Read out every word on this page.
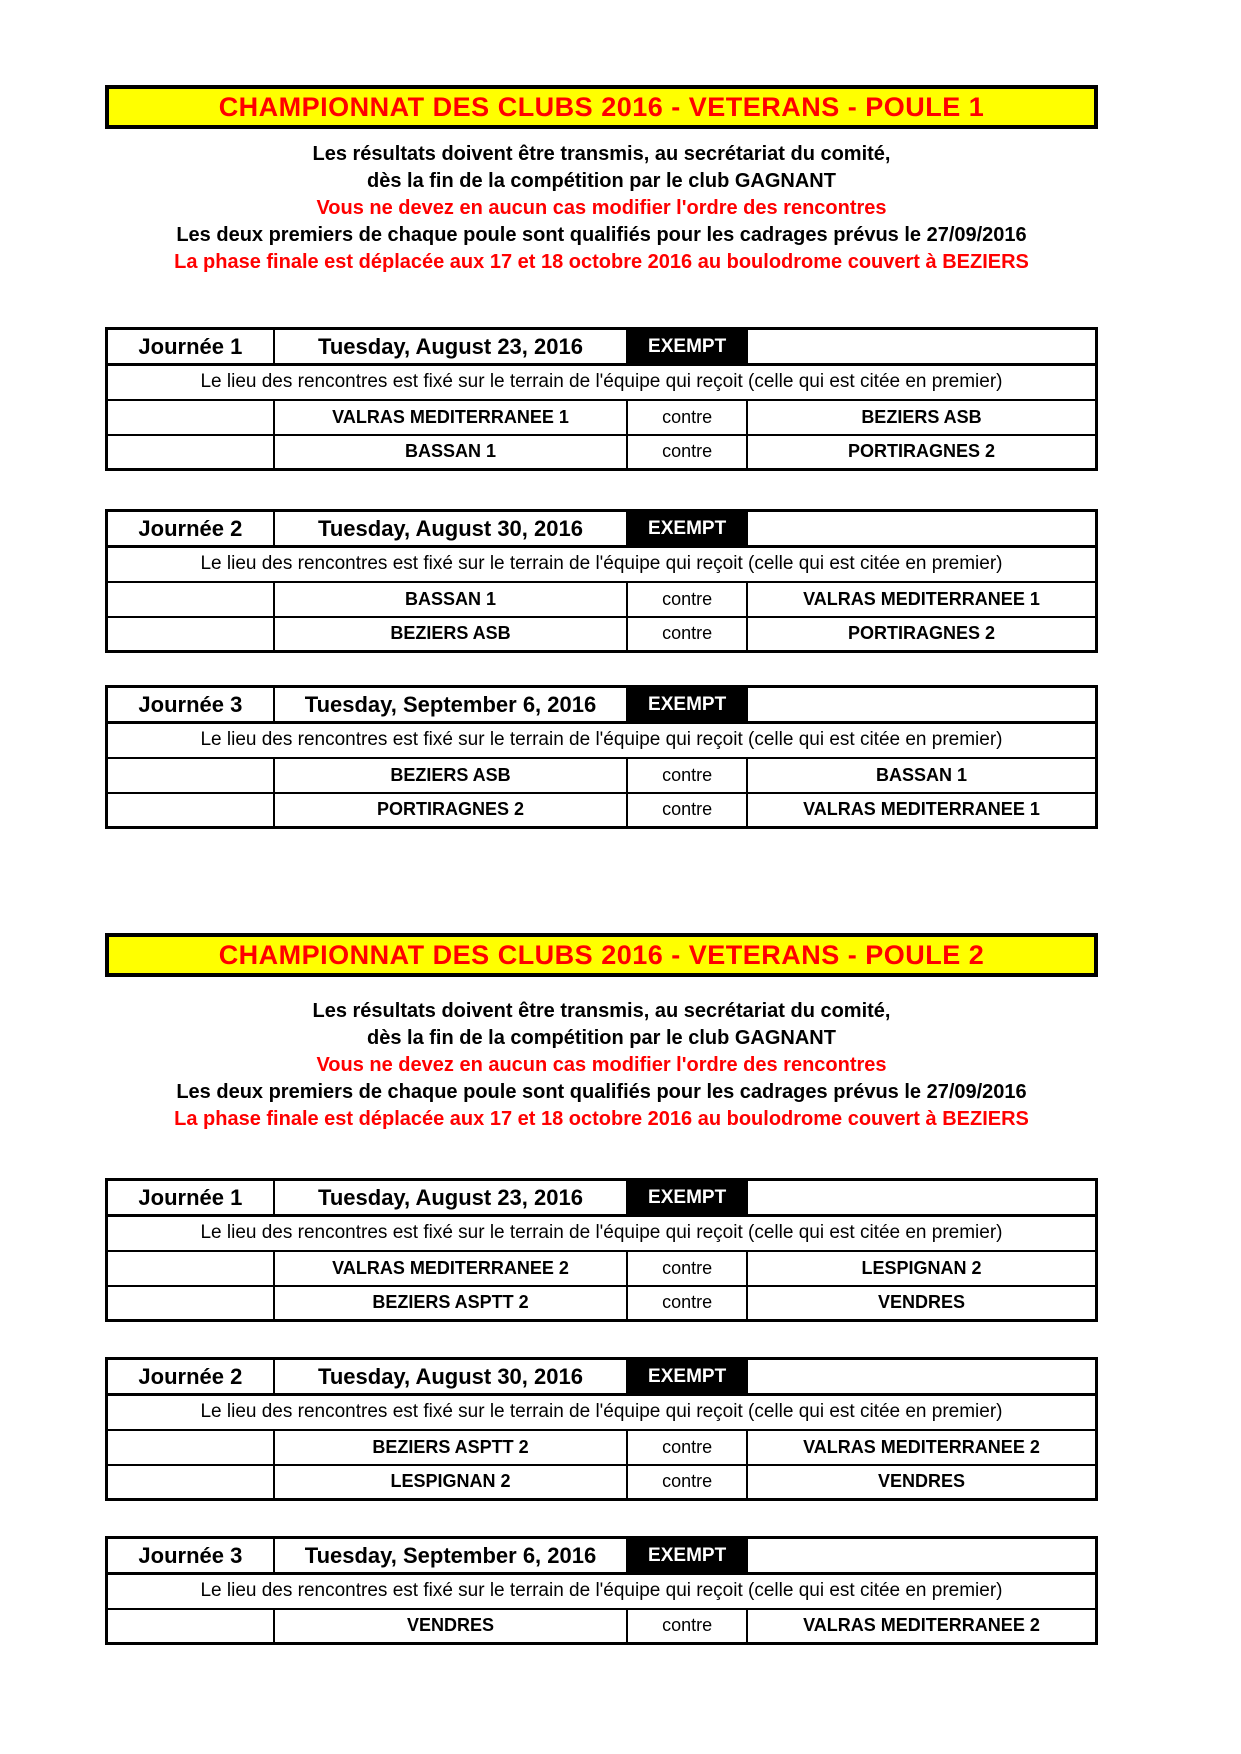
CHAMPIONNAT DES CLUBS 2016 - VETERANS - POULE 1
Les résultats doivent être transmis, au secrétariat du comité,
dès la fin de la compétition par le club GAGNANT
Vous ne devez en aucun cas modifier l'ordre des rencontres
Les deux premiers de chaque poule sont qualifiés pour les cadrages prévus le 27/09/2016
La phase finale est déplacée aux 17 et 18 octobre 2016 au boulodrome couvert à BEZIERS
Journée 1	Tuesday, August 23, 2016	EXEMPT	
Le lieu des rencontres est fixé sur le terrain de l'équipe qui reçoit (celle qui est citée en premier)			
	VALRAS MEDITERRANEE 1	contre	BEZIERS ASB
	BASSAN 1	contre	PORTIRAGNES 2
Journée 2	Tuesday, August 30, 2016	EXEMPT	
Le lieu des rencontres est fixé sur le terrain de l'équipe qui reçoit (celle qui est citée en premier)			
	BASSAN 1	contre	VALRAS MEDITERRANEE 1
	BEZIERS ASB	contre	PORTIRAGNES 2
Journée 3	Tuesday, September 6, 2016	EXEMPT	
Le lieu des rencontres est fixé sur le terrain de l'équipe qui reçoit (celle qui est citée en premier)			
	BEZIERS ASB	contre	BASSAN 1
	PORTIRAGNES 2	contre	VALRAS MEDITERRANEE 1
CHAMPIONNAT DES CLUBS 2016 - VETERANS - POULE 2
Les résultats doivent être transmis, au secrétariat du comité,
dès la fin de la compétition par le club GAGNANT
Vous ne devez en aucun cas modifier l'ordre des rencontres
Les deux premiers de chaque poule sont qualifiés pour les cadrages prévus le 27/09/2016
La phase finale est déplacée aux 17 et 18 octobre 2016 au boulodrome couvert à BEZIERS
Journée 1	Tuesday, August 23, 2016	EXEMPT	
Le lieu des rencontres est fixé sur le terrain de l'équipe qui reçoit (celle qui est citée en premier)			
	VALRAS MEDITERRANEE 2	contre	LESPIGNAN 2
	BEZIERS ASPTT 2	contre	VENDRES
Journée 2	Tuesday, August 30, 2016	EXEMPT	
Le lieu des rencontres est fixé sur le terrain de l'équipe qui reçoit (celle qui est citée en premier)			
	BEZIERS ASPTT 2	contre	VALRAS MEDITERRANEE 2
	LESPIGNAN 2	contre	VENDRES
Journée 3	Tuesday, September 6, 2016	EXEMPT	
Le lieu des rencontres est fixé sur le terrain de l'équipe qui reçoit (celle qui est citée en premier)			
	VENDRES	contre	VALRAS MEDITERRANEE 2
